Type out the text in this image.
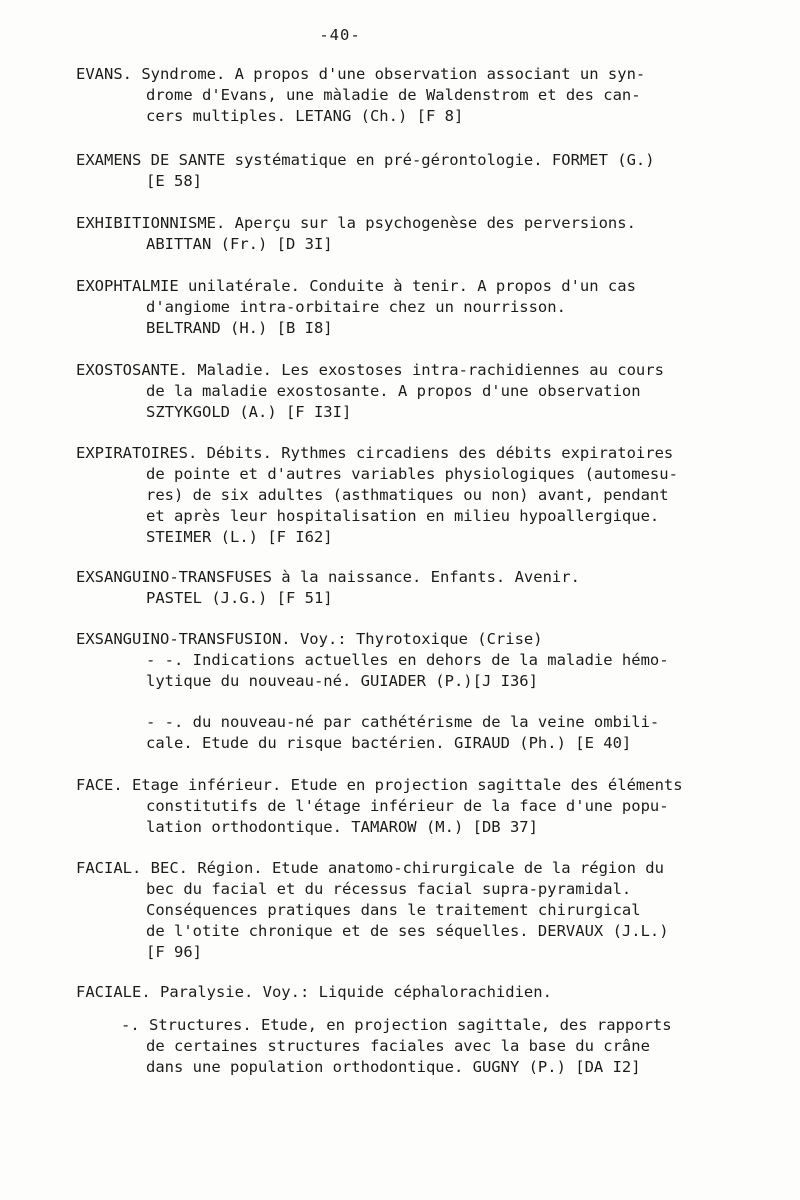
-40-
EVANS. Syndrome. A propos d'une observation associant un syn-
drome d'Evans, une màladie de Waldenstrom et des can-
cers multiples. LETANG (Ch.) [F 8]
EXAMENS DE SANTE systématique en pré-gérontologie. FORMET (G.)
[E 58]
EXHIBITIONNISME. Aperçu sur la psychogenèse des perversions.
ABITTAN (Fr.) [D 3I]
EXOPHTALMIE unilatérale. Conduite à tenir. A propos d'un cas
d'angiome intra-orbitaire chez un nourrisson.
BELTRAND (H.) [B I8]
EXOSTOSANTE. Maladie. Les exostoses intra-rachidiennes au cours
de la maladie exostosante. A propos d'une observation
SZTYKGOLD (A.) [F I3I]
EXPIRATOIRES. Débits. Rythmes circadiens des débits expiratoires
de pointe et d'autres variables physiologiques (automesu-
res) de six adultes (asthmatiques ou non) avant, pendant
et après leur hospitalisation en milieu hypoallergique.
STEIMER (L.) [F I62]
EXSANGUINO-TRANSFUSES à la naissance. Enfants. Avenir.
PASTEL (J.G.) [F 51]
EXSANGUINO-TRANSFUSION. Voy.: Thyrotoxique (Crise)
- -. Indications actuelles en dehors de la maladie hémo-
lytique du nouveau-né. GUIADER (P.)[J I36]
- -. du nouveau-né par cathétérisme de la veine ombili-
cale. Etude du risque bactérien. GIRAUD (Ph.) [E 40]
FACE. Etage inférieur. Etude en projection sagittale des éléments
constitutifs de l'étage inférieur de la face d'une popu-
lation orthodontique. TAMAROW (M.) [DB 37]
FACIAL. BEC. Région. Etude anatomo-chirurgicale de la région du
bec du facial et du récessus facial supra-pyramidal.
Conséquences pratiques dans le traitement chirurgical
de l'otite chronique et de ses séquelles. DERVAUX (J.L.)
[F 96]
FACIALE. Paralysie. Voy.: Liquide céphalorachidien.
-. Structures. Etude, en projection sagittale, des rapports
de certaines structures faciales avec la base du crâne
dans une population orthodontique. GUGNY (P.) [DA I2]
